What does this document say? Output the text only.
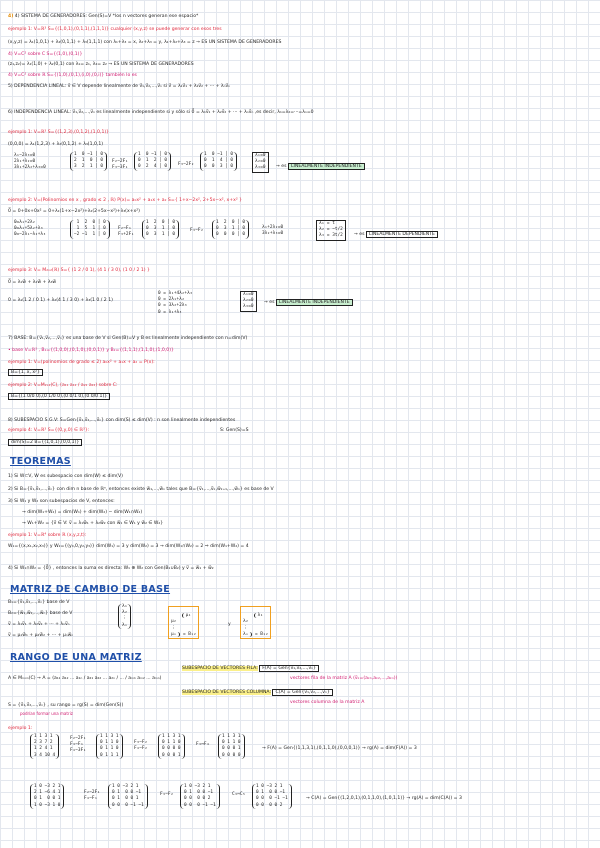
4) 4) SISTEMA DE GENERADORES: Gen(S)=V *los n vectores generan ese espacio*
ejemplo 1: V=ℝ³ S={(1,0,1),(0,1,1),(1,1,1)} cualquier (x,y,z) se puede generar con esos tres
(x,y,z) = λ₁(1,0,1) + λ₂(0,1,1) + λ₃(1,1,1) con λ₁+λ₃ = x, λ₂+λ₃ = y, λ₁+λ₂+λ₃ = z → ES UN SISTEMA DE GENERADORES
4) V=C² sobre C S={(1,0),(0,1)}
(z₁,z₂)= λ₁(1,0) + λ₂(0,1) con λ₁= z₁, λ₂= z₂ → ES UN SISTEMA DE GENERADORES
4) V=C² sobre ℝ S={(1,0),(0,1),(i,0),(0,i)} también lo es
5) DEPENDENCIA LINEAL: v⃗ ∈ V depende linealmente de v⃗₁,v⃗₂,...,v⃗ₙ si v⃗ = λ₁v⃗₁ + λ₂v⃗₂ + ··· + λₙv⃗ₙ
6) INDEPENDENCIA LINEAL: v⃗₁,v⃗₂,...,v⃗ₙ es linealmente independiente si y sólo si 0⃗ = λ₁v⃗₁ + λ₂v⃗₂ + ··· + λₙv⃗ₙ ,es decir, λ₁=λ₂=···=λₙ=0
ejemplo 1: V=ℝ³ S={(1,2,3),(0,1,2),(1,0,1)}
(0,0,0) = λ₁(1,2,3) + λ₂(0,1,2) + λ₃(1,0,1)
λ₁−2λ₃=0
2λ₁+λ₂=0
3λ₁+2λ₂+λ₃=0
1  0 −1 │ 0
2  1  0 │ 0
3  2  1 │ 0
F₂−2F₁
F₃−3F₁
1  0 −1 │ 0
0  1  2 │ 0
0  2  4 │ 0	F₃−2F₂
1  0 −1 │ 0
0  1  4 │ 0
0  0  3 │ 0
λ₁=0
λ₂=0
λ₃=0	→ es LINEALMENTE INDEPENDIENTE
ejemplo 2: V=(Polinomios en x , grado ≤ 2 , ℝ) P(x)= a₀x² + a₁x + a₂ S={ 1+x−2x², 2+5x−x², x+x² }
0⃗ = 0+0x+0x² = 0+λ₁(1+x−2x²)+λ₂(2+5x−x²)+λ₃(x+x²)
0=λ₁+2λ₂
0=λ₁+5λ₂+λ₃
0=−2λ₁−λ₂+λ₃
1  2  0 │ 0
1  5  1 │ 0
−2 −1  1 │ 0
F₂−F₁
F₃+2F₁
1  2  0 │ 0
0  3  1 │ 0
0  3  1 │ 0
F₃−F₂
1  2  0 │ 0
0  3  1 │ 0
0  0  0 │ 0
λ₁+2λ₂=0
3λ₂+λ₃=0
λ₁ = t
λ₂ = −t/2
λ₃ = 3t/2	→ es LINEALMENTE DEPENDIENTE
ejemplo 3: V= M₂ₓ₂(ℝ) S={ (1 2 / 0 1), (4 1 / 3 0), (1 0 / 2 1) }
0⃗ = λ₁w⃗ + λ₂w⃗ + λ₃w⃗
0 = λ₁(1 2 / 0 1) + λ₂(4 1 / 3 0) + λ₃(1 0 / 2 1)
0 = λ₁+4λ₂+λ₃
0 = 2λ₁+λ₂
0 = 3λ₂+2λ₃
0 = λ₁+λ₃
λ₁=0
λ₂=0
λ₃=0
→ es LINEALMENTE INDEPENDIENTE
7) BASE: B={v⃗₁,v⃗₂,...,v⃗ₙ} es una base de V si Gen(B)=V y B es linealmente independiente con n=dim(V)
• base V=ℝ³ , B₁={(1,0,0),(0,1,0),(0,0,1)} y B₂={(1,1,1),(1,1,0),(1,0,0)}
ejemplo 1: V=(polinomios de grado ≤ 2) a₀x² + a₁x + a₂ = P(x):
B={1, x, x²}
ejemplo 2: V=M₂ₓ₂(C), (a₁₁ a₁₂ / a₂₁ a₂₂) sobre C:
B={(1 0/0 0),(0 1/0 0),(0 0/1 0),(0 0/0 1)}
8) SUBESPACIO S.G.V: S=Gen{v⃗₁,v⃗₂,...,v⃗ₙ} con dim(S) ≤ dim(V) : n son linealmente independientes
ejemplo 4: V=ℝ³ S={(0,y,0) ∈ ℝ³}:	S: Gen(S)=S
dim(S)=2 B={(1,0,1),(0,0,1)}
TEOREMAS
1) Si W⊂V, W es subespacio con dim(W) ≤ dim(V)
2) Si B={v⃗₁,v⃗₂,...,v⃗ₙ} con dim n base de ℝⁿ, entonces existe w⃗₁,...,w⃗ₙ tales que B={v⃗₁,...,v⃗ₖ,w⃗ₖ₊₁,...,w⃗ₙ} es base de V
3) Si W₁ y W₂ son subespacios de V, entonces:
→ dim(W₁+W₂) = dim(W₁) + dim(W₂) − dim(W₁∩W₂)
→ W₁+W₂ = {v⃗ ∈ V: v⃗ = λ₁w⃗₁ + λ₂w⃗₂ con w⃗₁ ∈ W₁ y w⃗₂ ∈ W₂}
ejemplo 1: V=ℝ⁴ sobre ℝ (x,y,z,t):
W₁={(x,x₁,x₂,x₃)} y W₂={(y₀,0,y₂,y₃)} dim(W₁) = 3 y dim(W₂) = 3 → dim(W₁∩W₂) = 2 ⇒ dim(W₁+W₂) = 4
4) Si W₁∩W₂ = {0⃗} , entonces la suma es directa: W₁ ⊕ W₂ con Gen(B₁∪B₂) y v⃗ = w⃗₁ + w⃗₂
MATRIZ DE CAMBIO DE BASE
B₁={v⃗₁,v⃗₂,...,v⃗ₙ} base de V
B₂={w⃗₁,w⃗₂,...,w⃗ₙ} base de V
v⃗ = λ₁v⃗₁ + λ₂v⃗₂ + ··· + λₙv⃗ₙ
v⃗ = μ₁w⃗₁ + μ₂w⃗₂ + ··· + μₙw⃗ₙ
λ₁
λ₂
⋮
λₙ

μ₁
μ₂
⋮
μₙ = B₁₂
y

λ₁
λ₂
⋮
λₙ = B₁₂
RANGO DE UNA MATRIZ
A ∈ Mₘₓₙ(C) → A = (a₁₁ a₁₂ ... a₁ₙ / a₂₁ a₂₂ ... a₂ₙ / ... / aₘ₁ aₘ₂ ... aₘₙ)
SUBESPACIO DE VECTORES FILA: F(A) = Gen{v⃗₁,v⃗₂,...,v⃗ₙ}
vectores fila de la matriz A (v⃗ₖ=(aₖ₁,aₖ₂,...,aₖₙ))
SUBESPACIO DE VECTORES COLUMNA: C(A) = Gen{v⃗₁,v⃗₂,...,v⃗ₙ}
vectores columna de la matriz A
S = {v⃗₁,v⃗₂,...,v⃗ₙ} , su rango = rg(S) = dim(Gen(S))
podrían formar una matriz
ejemplo 1:
1 1 3 1
2 3 7 2
1 2 4 1
3 4 10 4
F₂−2F₁
F₃−F₁
F₄−3F₁
1 1 3 1
0 1 1 0
0 1 1 0
0 1 1 1
F₃−F₂
F₄−F₂
1 1 3 1
0 1 1 0
0 0 0 0
0 0 0 1
F₃↔F₄
1 1 3 1
0 1 1 0
0 0 0 1
0 0 0 0
→ F(A) = Gen{(1,1,3,1),(0,1,1,0),(0,0,0,1)} → rg(A) = dim(F(A)) = 3
1 0 −3 2 1
2 1 −6 4 1
0 1  0 0 1
1 0 −3 1 0
F₂−2F₁
F₄−F₁
1 0 −3 2 1
0 1  0 0 −1
0 1  0 0 1
0 0  0 −1 −1
F₃−F₂
1 0 −3 2 1
0 1  0 0 −1
0 0  0 0 2
0 0  0 −1 −1
C₃↔C₅
1 0 −3 2 1
0 1  0 0 −1
0 0  0 −1 −1
0 0  0 0 2
→ C(A) = Gen{(1,2,0,1),(0,1,1,0),(1,0,1,1)} → rg(A) = dim(C(A)) = 3
